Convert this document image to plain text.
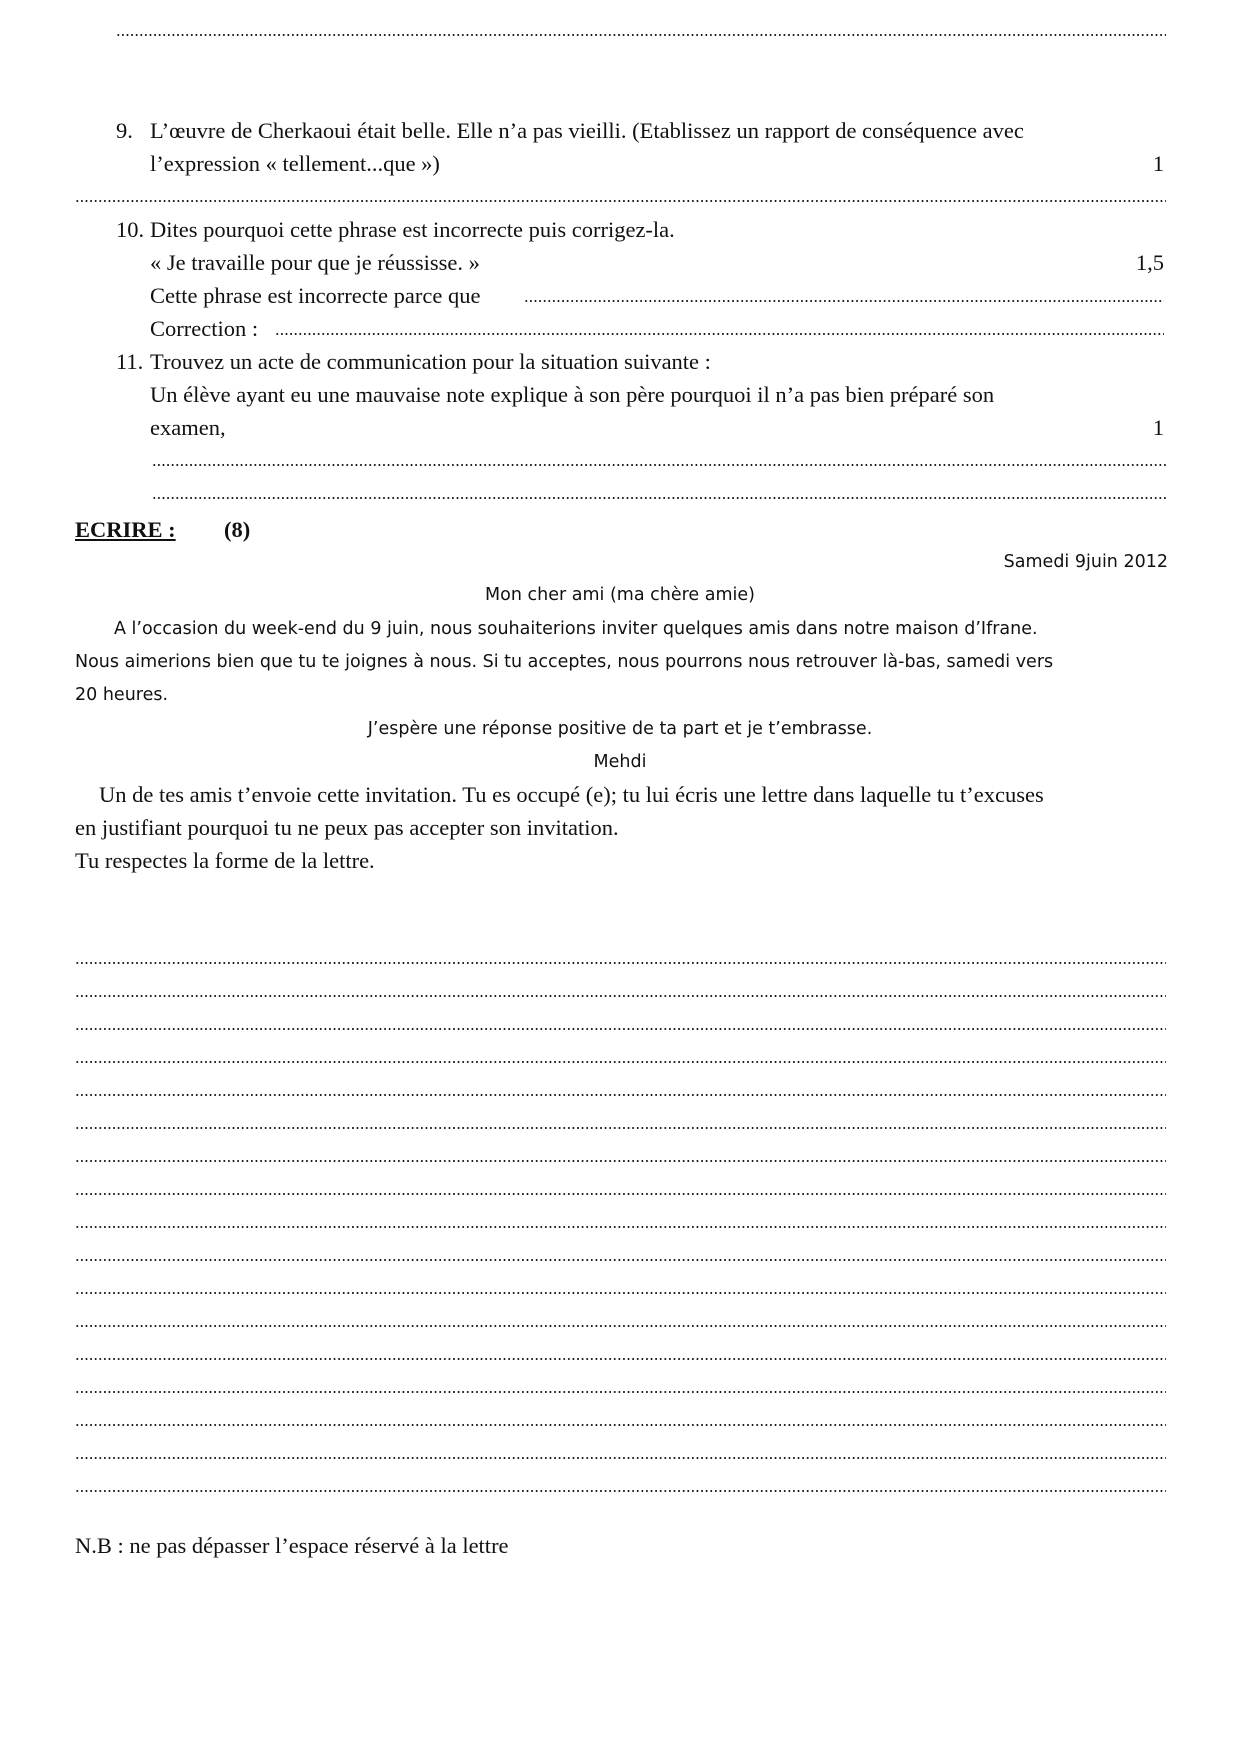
9. L’œuvre de Cherkaoui était belle. Elle n’a pas vieilli. (Etablissez un rapport de conséquence avec
l’expression « tellement...que »)	1
10. Dites pourquoi cette phrase est incorrecte puis corrigez-la.
« Je travaille pour que je réussisse. »	1,5
Cette phrase est incorrecte parce que
Correction :
11. Trouvez un acte de communication pour la situation suivante :
Un élève ayant eu une mauvaise note explique à son père pourquoi il n’a pas bien préparé son
examen,	1
ECRIRE : (8)
Samedi 9juin 2012
Mon cher ami (ma chère amie)
A l’occasion du week-end du 9 juin, nous souhaiterions inviter quelques amis dans notre maison d’Ifrane.
Nous aimerions bien que tu te joignes à nous. Si tu acceptes, nous pourrons nous retrouver là-bas, samedi vers
20 heures.
J’espère une réponse positive de ta part et je t’embrasse.
Mehdi
Un de tes amis t’envoie cette invitation. Tu es occupé (e); tu lui écris une lettre dans laquelle tu t’excuses
en justifiant pourquoi tu ne peux pas accepter son invitation.
Tu respectes la forme de la lettre.
N.B : ne pas dépasser l’espace réservé à la lettre
